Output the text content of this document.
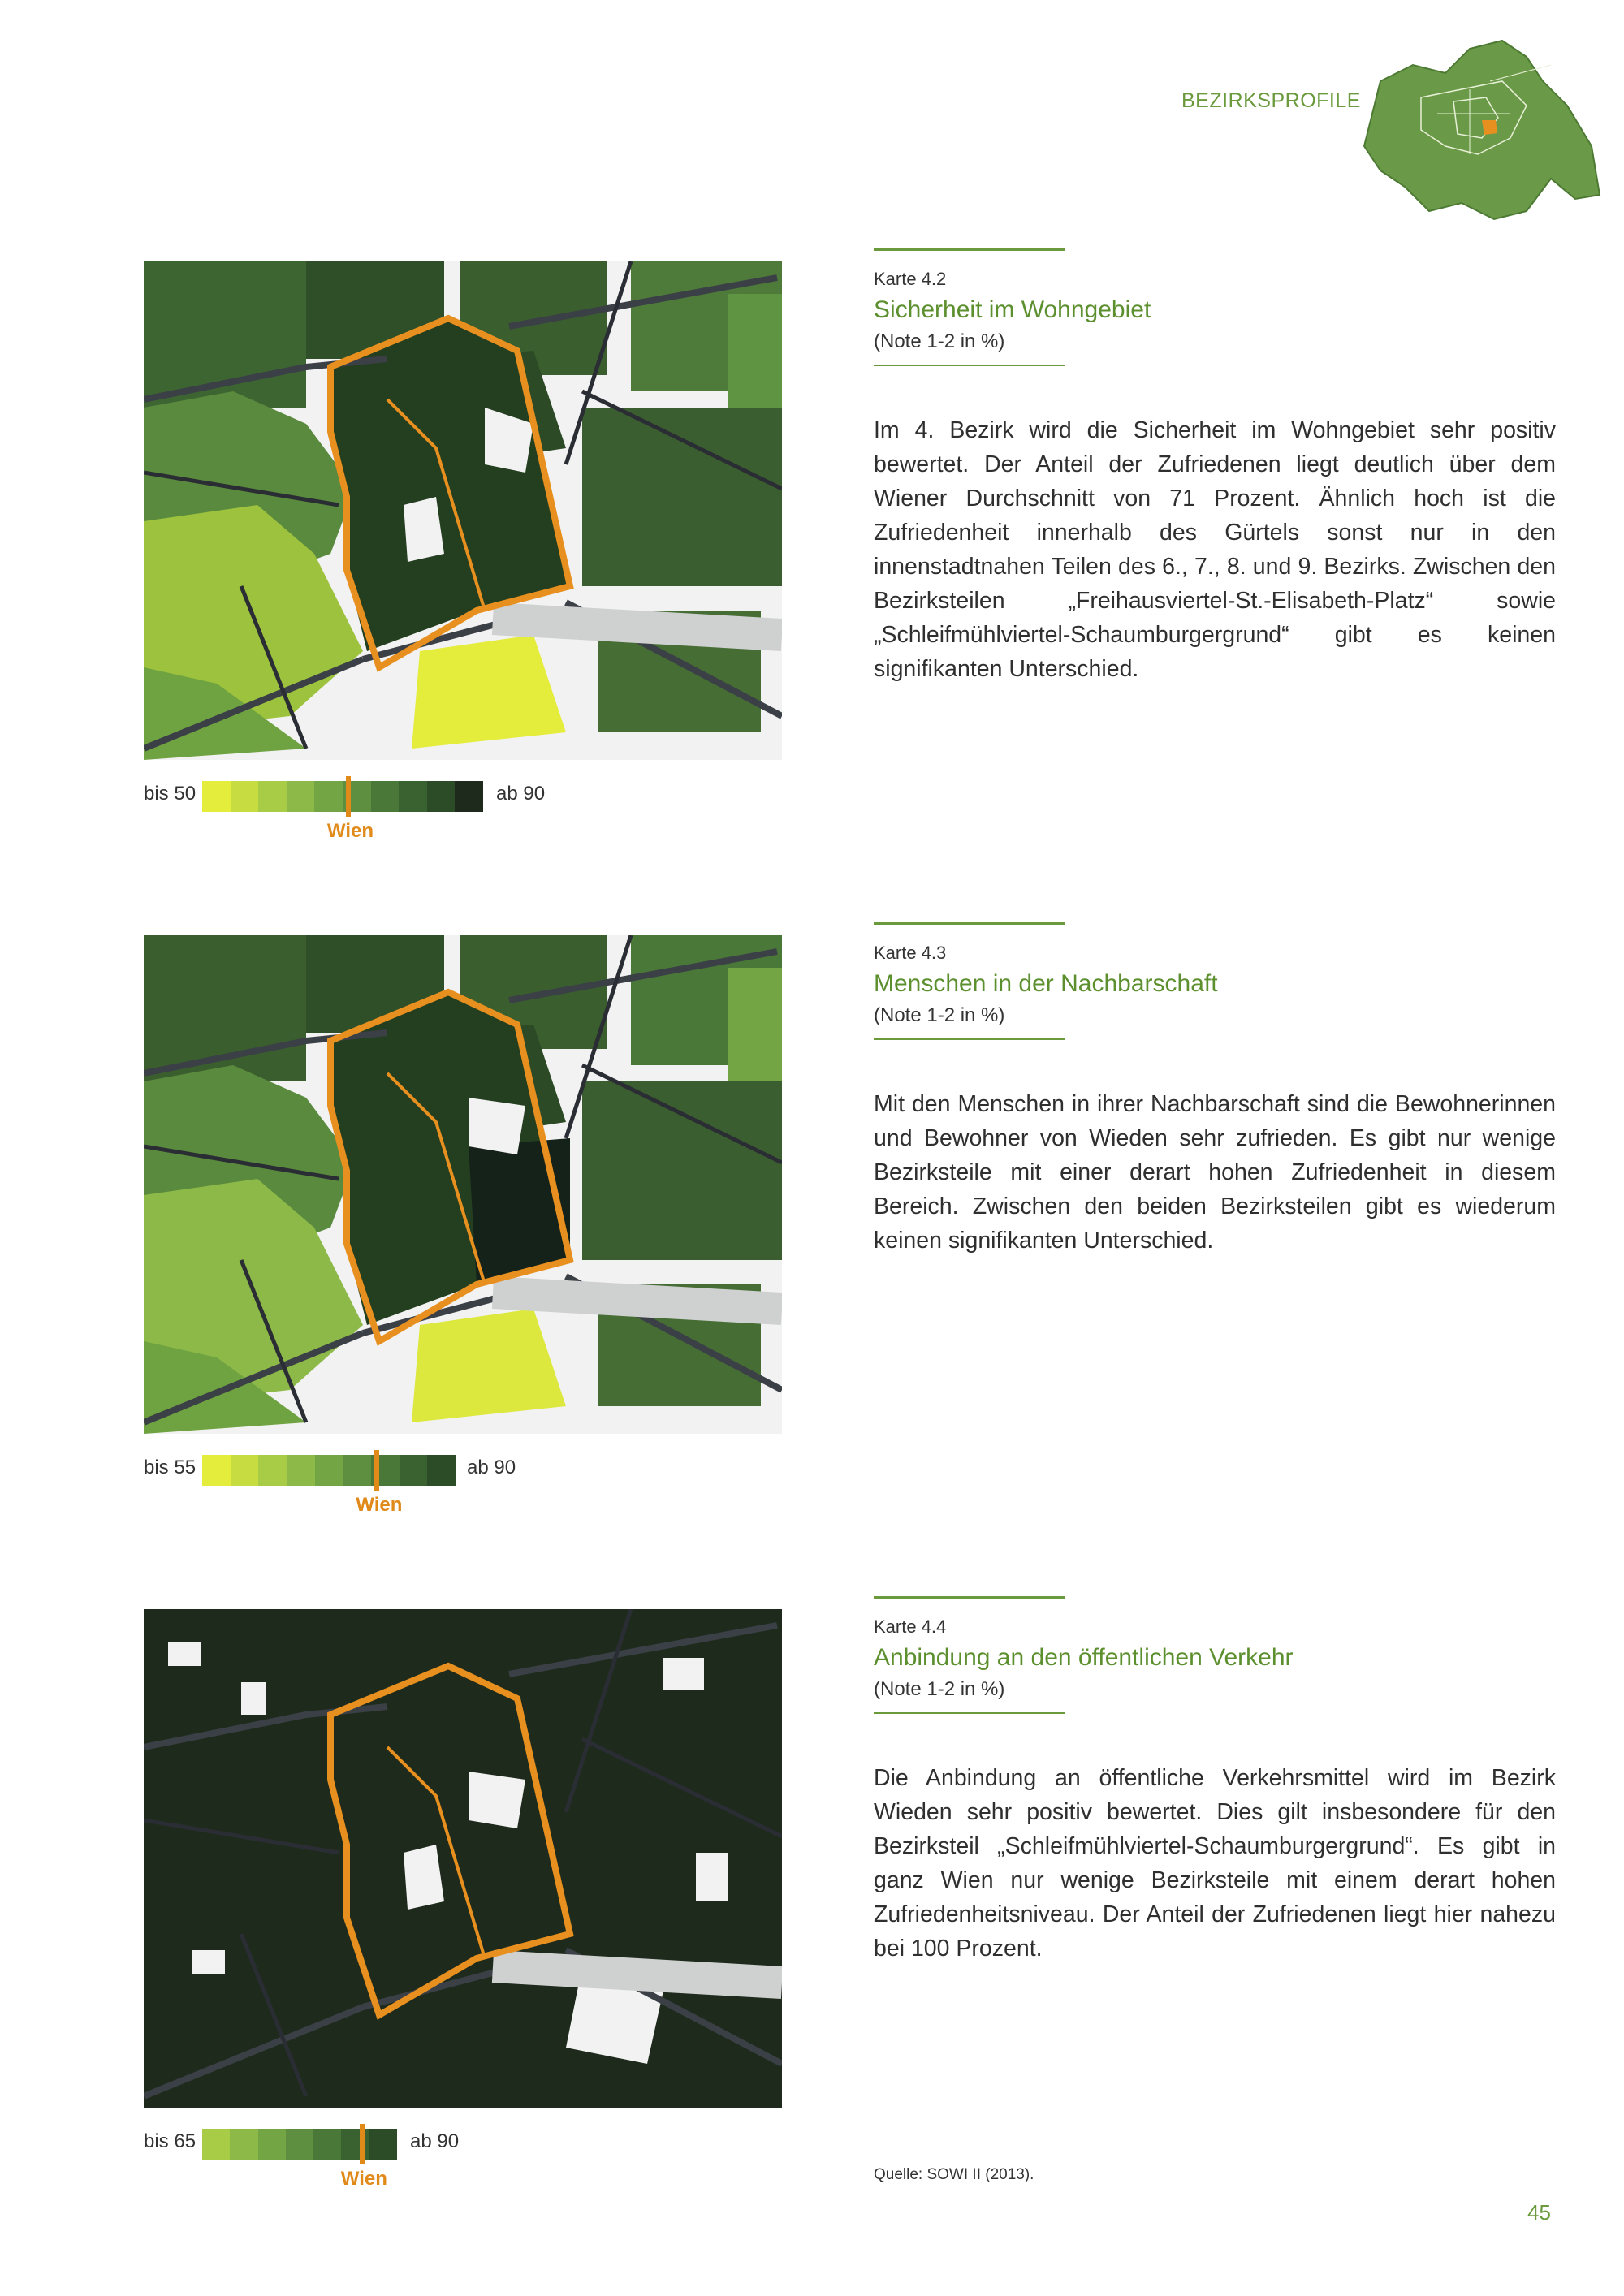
BEZIRKSPROFILE
bis 50
Wien
ab 90
Karte 4.2
Sicherheit im Wohngebiet
(Note 1-2 in %)
Im 4. Bezirk wird die Sicherheit im Wohngebiet sehr positiv bewertet. Der Anteil der Zufriedenen liegt deutlich über dem Wiener Durchschnitt von 71 Prozent. Ähnlich hoch ist die Zufriedenheit innerhalb des Gürtels sonst nur in den innenstadtnahen Teilen des 6., 7., 8. und 9. Bezirks. Zwischen den Bezirksteilen „Freihausviertel-St.-Elisabeth-Platz“ sowie „Schleifmühlviertel-Schaumburgergrund“ gibt es keinen signifikanten Unterschied.
bis 55
Wien
ab 90
Karte 4.3
Menschen in der Nachbarschaft
(Note 1-2 in %)
Mit den Menschen in ihrer Nachbarschaft sind die Bewohnerinnen und Bewohner von Wieden sehr zufrieden. Es gibt nur wenige Bezirksteile mit einer derart hohen Zufriedenheit in diesem Bereich. Zwischen den beiden Bezirksteilen gibt es wiederum keinen signifikanten Unterschied.
bis 65
Wien
ab 90
Karte 4.4
Anbindung an den öffentlichen Verkehr
(Note 1-2 in %)
Die Anbindung an öffentliche Verkehrsmittel wird im Bezirk Wieden sehr positiv bewertet. Dies gilt insbesondere für den Bezirksteil „Schleifmühlviertel-Schaumburgergrund“. Es gibt in ganz Wien nur wenige Bezirksteile mit einem derart hohen Zufriedenheitsniveau. Der Anteil der Zufriedenen liegt hier nahezu bei 100 Prozent.
Quelle: SOWI II (2013).
45
